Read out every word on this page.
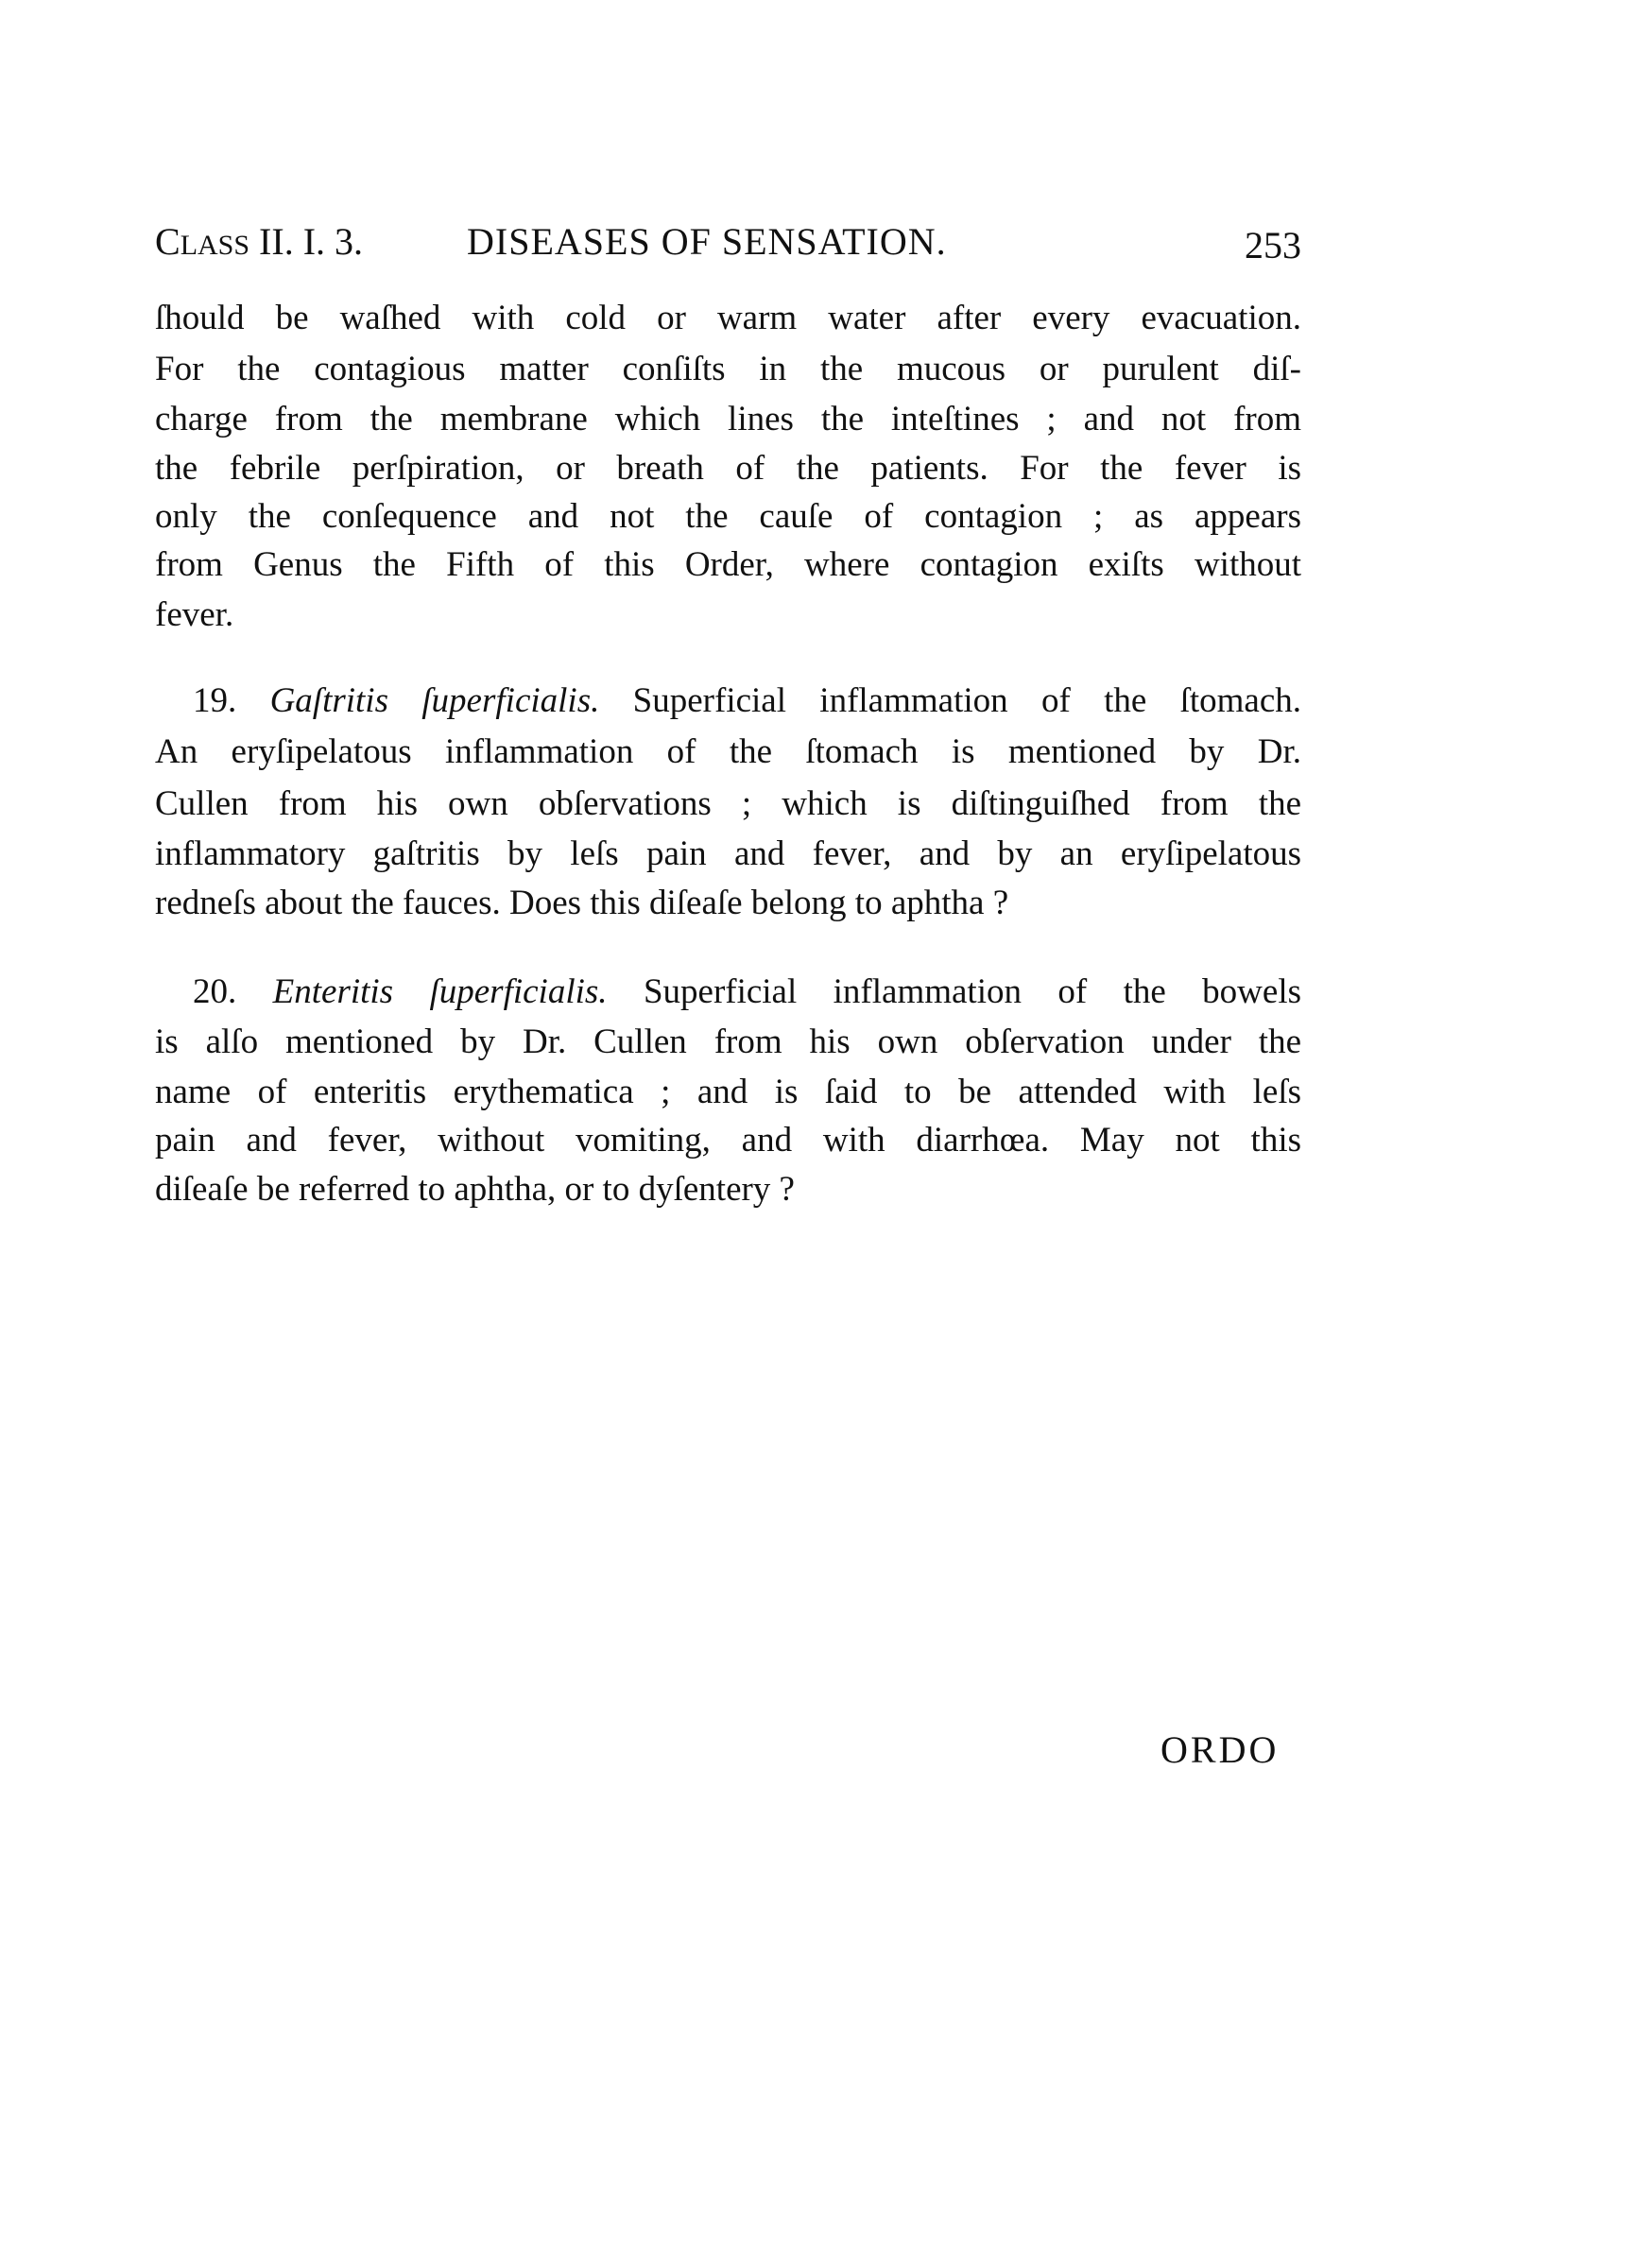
CLASS II. I. 3.	DISEASES OF SENSATION.	253
ſhould be waſhed with cold or warm water after every evacuation.
For the contagious matter conſiſts in the mucous or purulent diſ-
charge from the membrane which lines the inteſtines ; and not from
the febrile perſpiration, or breath of the patients. For the fever is
only the conſequence and not the cauſe of contagion ; as appears
from Genus the Fifth of this Order, where contagion exiſts without
fever.
19. Gaſtritis ſuperficialis. Superficial inflammation of the ſtomach.
An eryſipelatous inflammation of the ſtomach is mentioned by Dr.
Cullen from his own obſervations ; which is diſtinguiſhed from the
inflammatory gaſtritis by leſs pain and fever, and by an eryſipelatous
redneſs about the fauces. Does this diſeaſe belong to aphtha ?
20. Enteritis ſuperficialis. Superficial inflammation of the bowels
is alſo mentioned by Dr. Cullen from his own obſervation under the
name of enteritis erythematica ; and is ſaid to be attended with leſs
pain and fever, without vomiting, and with diarrhœa. May not this
diſeaſe be referred to aphtha, or to dyſentery ?
ORDO
